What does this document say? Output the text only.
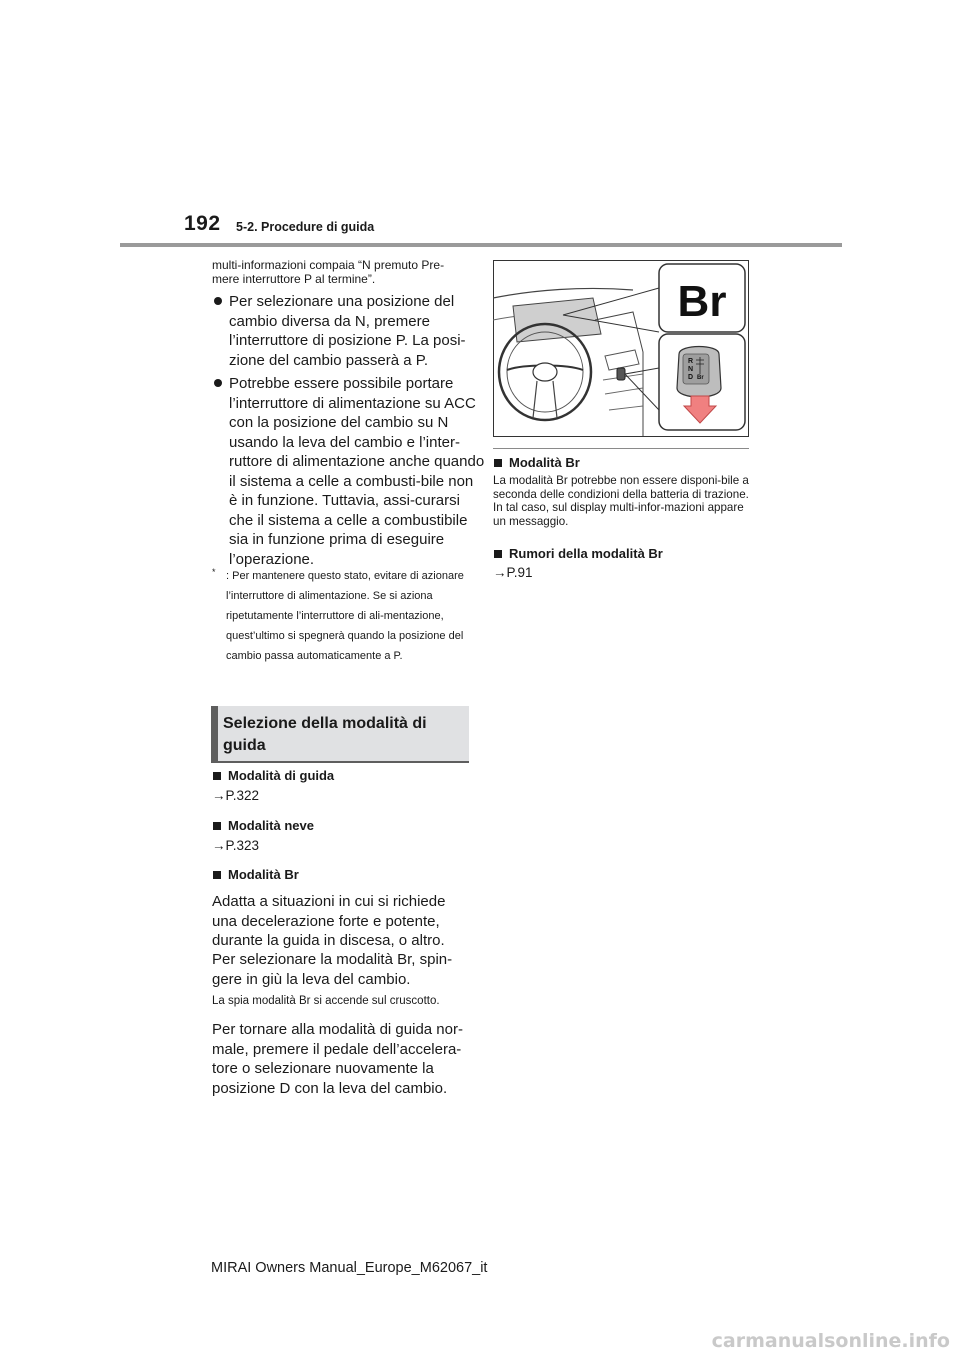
192 5-2. Procedure di guida
multi-informazioni compaia “N premuto Pre-mere interruttore P al termine”.
Per selezionare una posizione del cambio diversa da N, premere l’interruttore di posizione P. La posi-zione del cambio passerà a P.
Potrebbe essere possibile portare l’interruttore di alimentazione su ACC con la posizione del cambio su N usando la leva del cambio e l’inter-ruttore di alimentazione anche quando il sistema a celle a combusti-bile non è in funzione. Tuttavia, assi-curarsi che il sistema a celle a combustibile sia in funzione prima di eseguire l’operazione.
* : Per mantenere questo stato, evitare di azionare l’interruttore di alimentazione. Se si aziona ripetutamente l’interruttore di ali-mentazione, quest’ultimo si spegnerà quando la posizione del cambio passa automaticamente a P.
Selezione della modalità di guida
Modalità di guida
→P.322
Modalità neve
→P.323
Modalità Br
Adatta a situazioni in cui si richiede una decelerazione forte e potente, durante la guida in discesa, o altro.
Per selezionare la modalità Br, spin-gere in giù la leva del cambio.
La spia modalità Br si accende sul cruscotto.
Per tornare alla modalità di guida nor-male, premere il pedale dell’accelera-tore o selezionare nuovamente la posizione D con la leva del cambio.
Br
R
N
D Br
Modalità Br
La modalità Br potrebbe non essere disponi-bile a seconda delle condizioni della batteria di trazione. In tal caso, sul display multi-infor-mazioni appare un messaggio.
Rumori della modalità Br
→P.91
MIRAI Owners Manual_Europe_M62067_it
carmanualsonline.info
